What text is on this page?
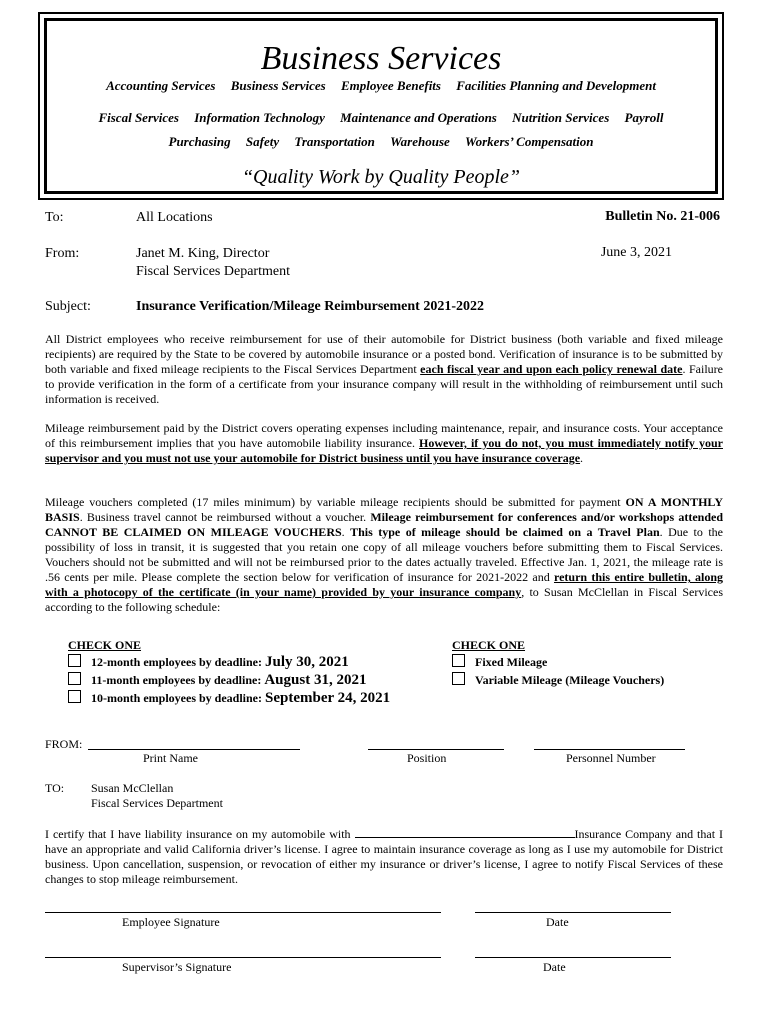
Business Services
Accounting Services Business Services Employee Benefits Facilities Planning and Development
Fiscal Services Information Technology Maintenance and Operations Nutrition Services Payroll
Purchasing Safety Transportation Warehouse Workers’ Compensation
“Quality Work by Quality People”
To:	All Locations	Bulletin No. 21-006
From:	Janet M. King, Director
Fiscal Services Department
June 3, 2021
Subject:	Insurance Verification/Mileage Reimbursement 2021-2022
All District employees who receive reimbursement for use of their automobile for District business (both variable and fixed mileage recipients) are required by the State to be covered by automobile insurance or a posted bond. Verification of insurance is to be submitted by both variable and fixed mileage recipients to the Fiscal Services Department each fiscal year and upon each policy renewal date. Failure to provide verification in the form of a certificate from your insurance company will result in the withholding of reimbursement until such information is received.
Mileage reimbursement paid by the District covers operating expenses including maintenance, repair, and insurance costs. Your acceptance of this reimbursement implies that you have automobile liability insurance. However, if you do not, you must immediately notify your supervisor and you must not use your automobile for District business until you have insurance coverage.
Mileage vouchers completed (17 miles minimum) by variable mileage recipients should be submitted for payment ON A MONTHLY BASIS. Business travel cannot be reimbursed without a voucher. Mileage reimbursement for conferences and/or workshops attended CANNOT BE CLAIMED ON MILEAGE VOUCHERS. This type of mileage should be claimed on a Travel Plan. Due to the possibility of loss in transit, it is suggested that you retain one copy of all mileage vouchers before submitting them to Fiscal Services. Vouchers should not be submitted and will not be reimbursed prior to the dates actually traveled. Effective Jan. 1, 2021, the mileage rate is .56 cents per mile. Please complete the section below for verification of insurance for 2021-2022 and return this entire bulletin, along with a photocopy of the certificate (in your name) provided by your insurance company, to Susan McClellan in Fiscal Services according to the following schedule:
CHECK ONE
12-month employees by deadline: July 30, 2021
11-month employees by deadline: August 31, 2021
10-month employees by deadline: September 24, 2021
CHECK ONE
Fixed Mileage
Variable Mileage (Mileage Vouchers)
FROM:
Print Name	Position	Personnel Number
TO: Susan McClellan
Fiscal Services Department
I certify that I have liability insurance on my automobile with	Insurance Company and that I have an appropriate and valid California driver’s license. I agree to maintain insurance coverage as long as I use my automobile for District business. Upon cancellation, suspension, or revocation of either my insurance or driver’s license, I agree to notify Fiscal Services of these changes to stop mileage reimbursement.
Employee Signature	Date
Supervisor’s Signature	Date
